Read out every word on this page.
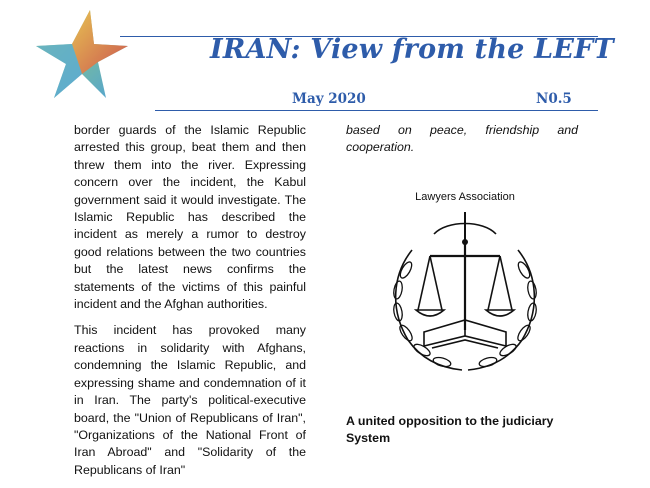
IRAN: View from the LEFT
May 2020	N0.5

border guards of the Islamic Republic arrested this group, beat them and then threw them into the river. Expressing concern over the incident, the Kabul government said it would investigate. The Islamic Republic has described the incident as merely a rumor to destroy good relations between the two countries but the latest news confirms the statements of the victims of this painful incident and the Afghan authorities.

This incident has provoked many reactions in solidarity with Afghans, condemning the Islamic Republic, and expressing shame and condemnation of it in Iran. The party's political-executive board, the "Union of Republicans of Iran", "Organizations of the National Front of Iran Abroad" and "Solidarity of the Republicans of Iran"

based on peace, friendship and cooperation.
Lawyers Association
A united opposition to the judiciary System
